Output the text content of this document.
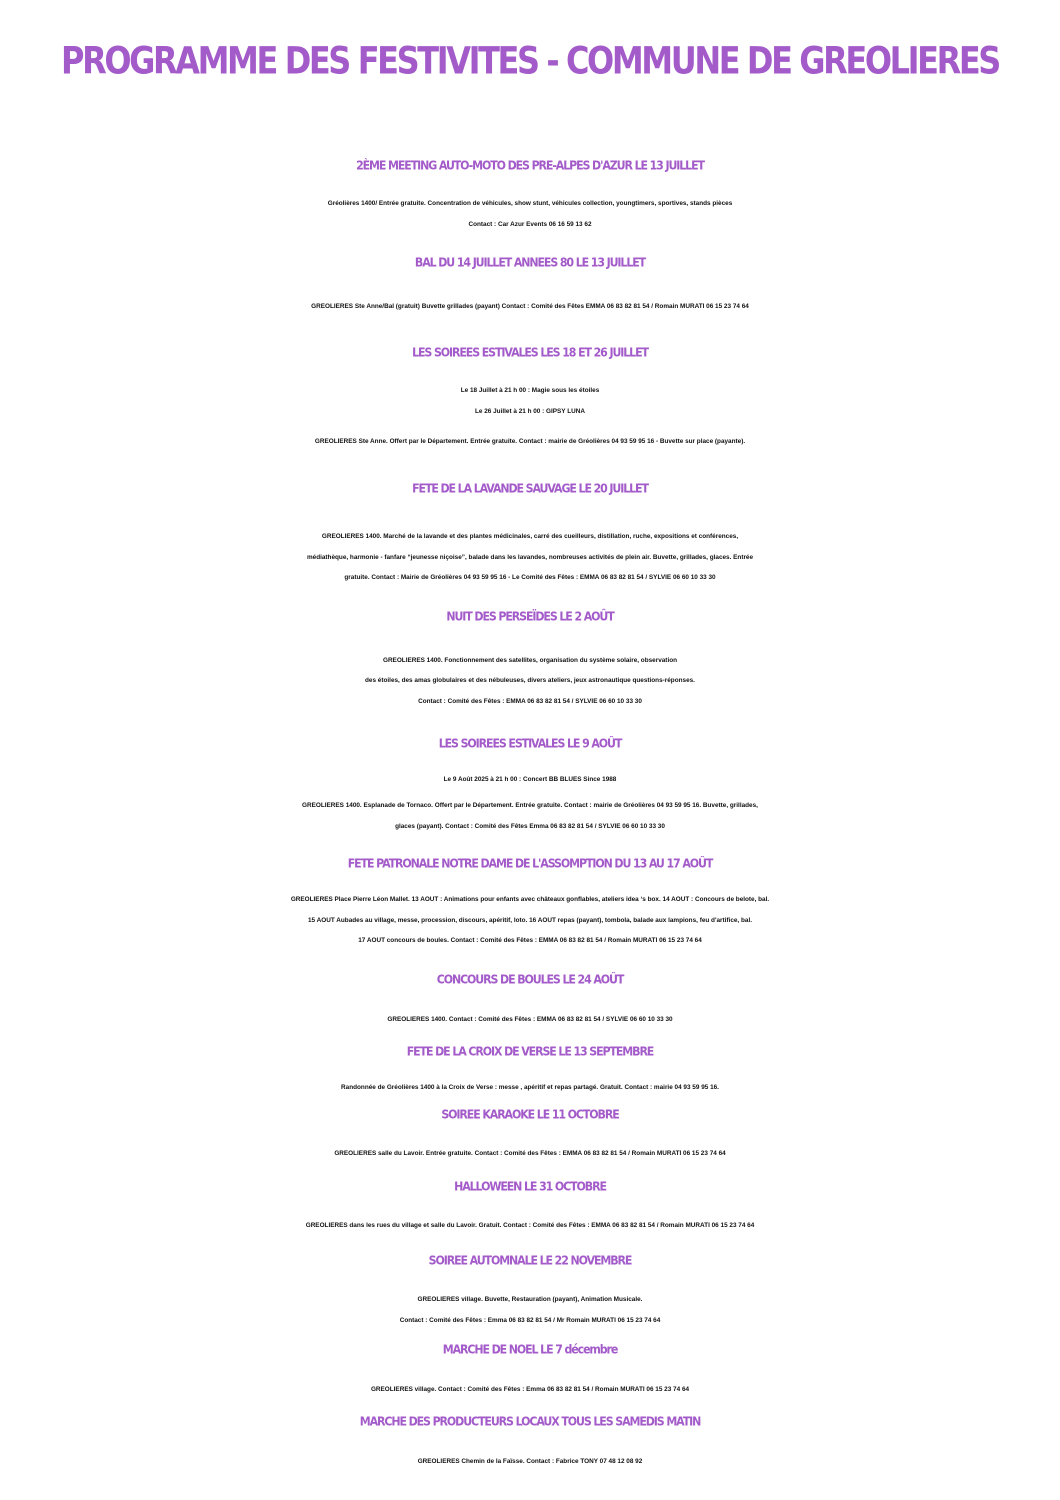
PROGRAMME DES FESTIVITES - COMMUNE DE GREOLIERES
2ÈME MEETING AUTO-MOTO DES PRE-ALPES D'AZUR LE 13 JUILLET
Gréolières 1400/ Entrée gratuite. Concentration de véhicules, show stunt, véhicules collection, youngtimers, sportives, stands pièces
Contact : Car Azur Events 06 16 59 13 62
BAL DU 14 JUILLET ANNEES 80 LE 13 JUILLET
GREOLIERES Ste Anne/Bal (gratuit) Buvette grillades (payant) Contact : Comité des Fêtes EMMA 06 83 82 81 54 / Romain MURATI 06 15 23 74 64
LES SOIREES ESTIVALES LES 18 ET 26 JUILLET
Le 18 Juillet à 21 h 00 : Magie sous les étoiles
Le 26 Juillet à 21 h 00 : GIPSY LUNA
GREOLIERES Ste Anne. Offert par le Département. Entrée gratuite. Contact : mairie de Gréolières 04 93 59 95 16 - Buvette sur place (payante).
FETE DE LA LAVANDE SAUVAGE LE 20 JUILLET
GREOLIERES 1400. Marché de la lavande et des plantes médicinales, carré des cueilleurs, distillation, ruche, expositions et conférences,
médiathèque, harmonie - fanfare “jeunesse niçoise”, balade dans les lavandes, nombreuses activités de plein air. Buvette, grillades, glaces. Entrée
gratuite. Contact : Mairie de Gréolières 04 93 59 95 16 - Le Comité des Fêtes : EMMA 06 83 82 81 54 / SYLVIE 06 60 10 33 30
NUIT DES PERSEÏDES LE 2 AOÛT
GREOLIERES 1400. Fonctionnement des satellites, organisation du système solaire, observation
des étoiles, des amas globulaires et des nébuleuses, divers ateliers, jeux astronautique questions-réponses.
Contact : Comité des Fêtes : EMMA 06 83 82 81 54 / SYLVIE 06 60 10 33 30
LES SOIREES ESTIVALES LE 9 AOÛT
Le 9 Août 2025 à 21 h 00 : Concert BB BLUES Since 1988
GREOLIERES 1400. Esplanade de Tornaco. Offert par le Département. Entrée gratuite. Contact : mairie de Gréolières 04 93 59 95 16. Buvette, grillades,
glaces (payant). Contact : Comité des Fêtes Emma 06 83 82 81 54 / SYLVIE 06 60 10 33 30
FETE PATRONALE NOTRE DAME DE L'ASSOMPTION DU 13 AU 17 AOÛT
GREOLIERES Place Pierre Léon Mallet. 13 AOUT : Animations pour enfants avec châteaux gonflables, ateliers idea ‘s box. 14 AOUT : Concours de belote, bal.
15 AOUT Aubades au village, messe, procession, discours, apéritif, loto. 16 AOUT repas (payant), tombola, balade aux lampions, feu d'artifice, bal.
17 AOUT concours de boules. Contact : Comité des Fêtes : EMMA 06 83 82 81 54 / Romain MURATI 06 15 23 74 64
CONCOURS DE BOULES LE 24 AOÛT
GREOLIERES 1400. Contact : Comité des Fêtes : EMMA 06 83 82 81 54 / SYLVIE 06 60 10 33 30
FETE DE LA CROIX DE VERSE LE 13 SEPTEMBRE
Randonnée de Gréolières 1400 à la Croix de Verse : messe , apéritif et repas partagé. Gratuit. Contact : mairie 04 93 59 95 16.
SOIREE KARAOKE LE 11 OCTOBRE
GREOLIERES salle du Lavoir. Entrée gratuite. Contact : Comité des Fêtes : EMMA 06 83 82 81 54 / Romain MURATI 06 15 23 74 64
HALLOWEEN LE 31 OCTOBRE
GREOLIERES dans les rues du village et salle du Lavoir. Gratuit. Contact : Comité des Fêtes : EMMA 06 83 82 81 54 / Romain MURATI 06 15 23 74 64
SOIREE AUTOMNALE LE 22 NOVEMBRE
GREOLIERES village. Buvette, Restauration (payant), Animation Musicale.
Contact : Comité des Fêtes : Emma 06 83 82 81 54 / Mr Romain MURATI 06 15 23 74 64
MARCHE DE NOEL LE 7 décembre
GREOLIERES village. Contact : Comité des Fêtes : Emma 06 83 82 81 54 / Romain MURATI 06 15 23 74 64
MARCHE DES PRODUCTEURS LOCAUX TOUS LES SAMEDIS MATIN
GREOLIERES Chemin de la Faïsse. Contact : Fabrice TONY 07 48 12 08 92
